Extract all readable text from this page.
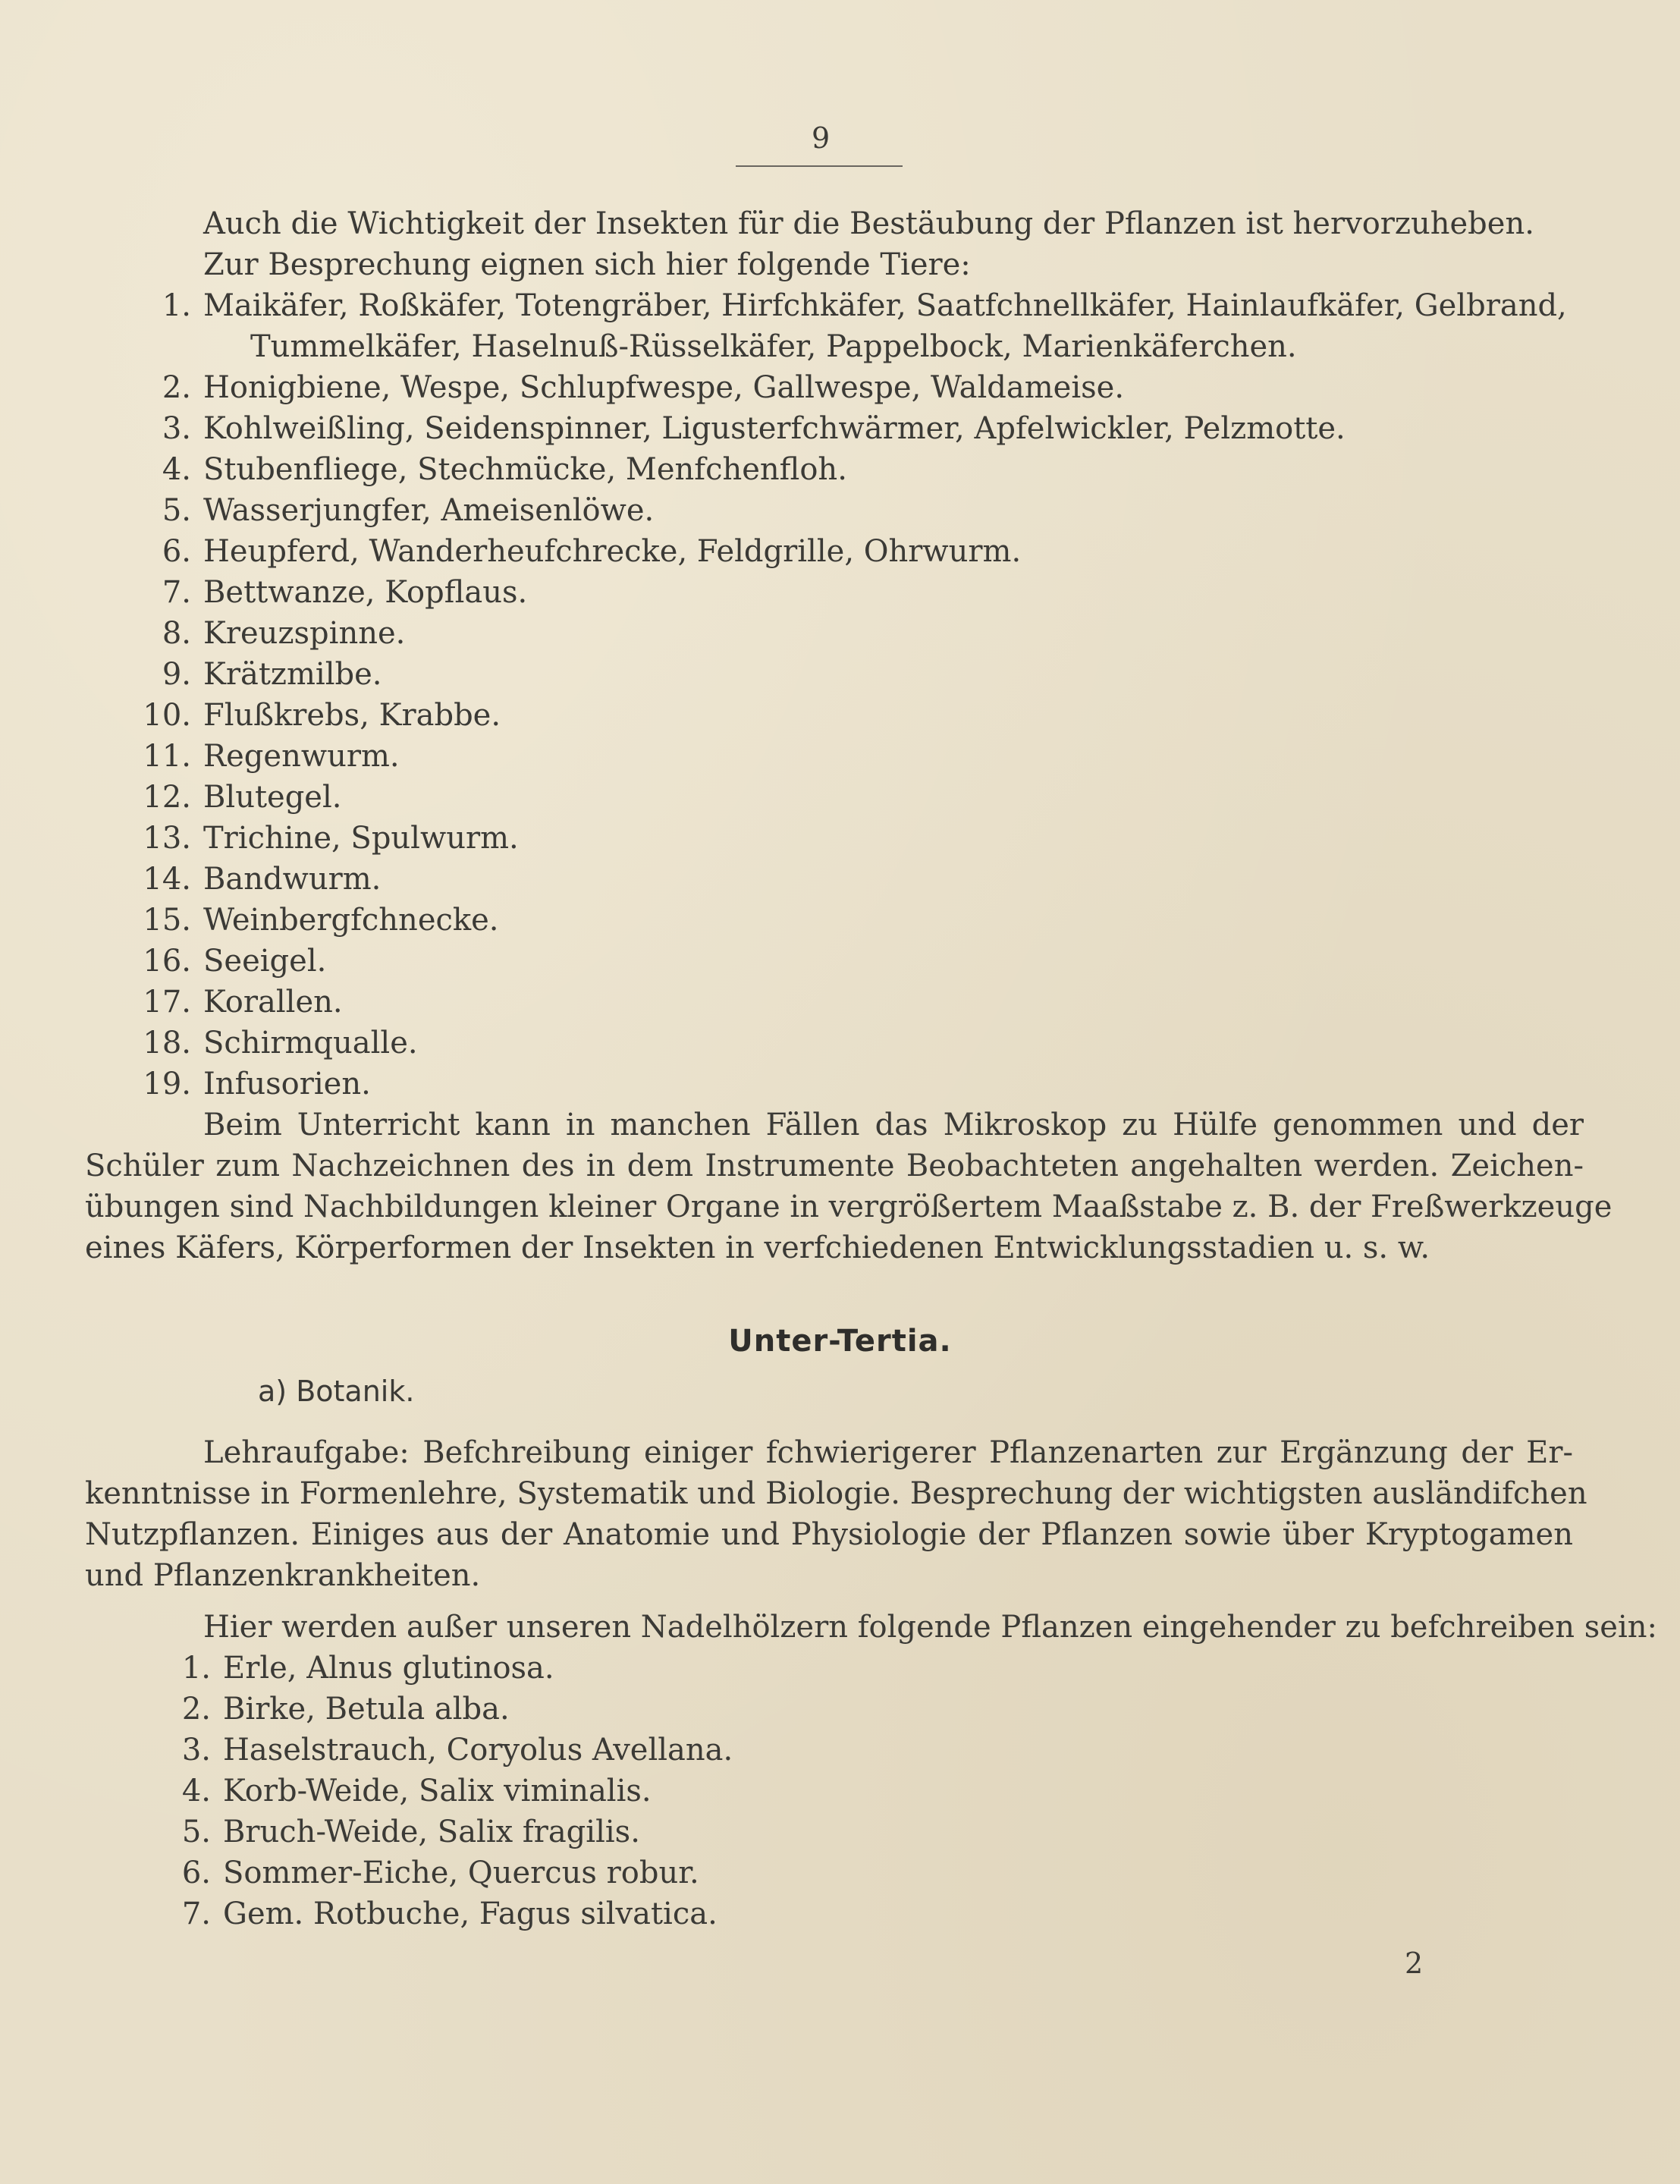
9
Auch die Wichtigkeit der Insekten für die Bestäubung der Pflanzen ist hervorzuheben.
Zur Besprechung eignen sich hier folgende Tiere:
1. Maikäfer, Roßkäfer, Totengräber, Hirfchkäfer, Saatfchnellkäfer, Hainlaufkäfer, Gelbrand,
Tummelkäfer, Haselnuß-Rüsselkäfer, Pappelbock, Marienkäferchen.
2. Honigbiene, Wespe, Schlupfwespe, Gallwespe, Waldameise.
3. Kohlweißling, Seidenspinner, Ligusterfchwärmer, Apfelwickler, Pelzmotte.
4. Stubenfliege, Stechmücke, Menfchenfloh.
5. Wasserjungfer, Ameisenlöwe.
6. Heupferd, Wanderheufchrecke, Feldgrille, Ohrwurm.
7. Bettwanze, Kopflaus.
8. Kreuzspinne.
9. Krätzmilbe.
10. Flußkrebs, Krabbe.
11. Regenwurm.
12. Blutegel.
13. Trichine, Spulwurm.
14. Bandwurm.
15. Weinbergfchnecke.
16. Seeigel.
17. Korallen.
18. Schirmqualle.
19. Infusorien.
Beim Unterricht kann in manchen Fällen das Mikroskop zu Hülfe genommen und der
Schüler zum Nachzeichnen des in dem Instrumente Beobachteten angehalten werden. Zeichen-
übungen sind Nachbildungen kleiner Organe in vergrößertem Maaßstabe z. B. der Freßwerkzeuge
eines Käfers, Körperformen der Insekten in verfchiedenen Entwicklungsstadien u. s. w.
Unter-Tertia.
a) Botanik.
Lehraufgabe: Befchreibung einiger fchwierigerer Pflanzenarten zur Ergänzung der Er-
kenntnisse in Formenlehre, Systematik und Biologie. Besprechung der wichtigsten ausländifchen
Nutzpflanzen. Einiges aus der Anatomie und Physiologie der Pflanzen sowie über Kryptogamen
und Pflanzenkrankheiten.
Hier werden außer unseren Nadelhölzern folgende Pflanzen eingehender zu befchreiben sein:
1. Erle, Alnus glutinosa.
2. Birke, Betula alba.
3. Haselstrauch, Coryolus Avellana.
4. Korb-Weide, Salix viminalis.
5. Bruch-Weide, Salix fragilis.
6. Sommer-Eiche, Quercus robur.
7. Gem. Rotbuche, Fagus silvatica.
2
